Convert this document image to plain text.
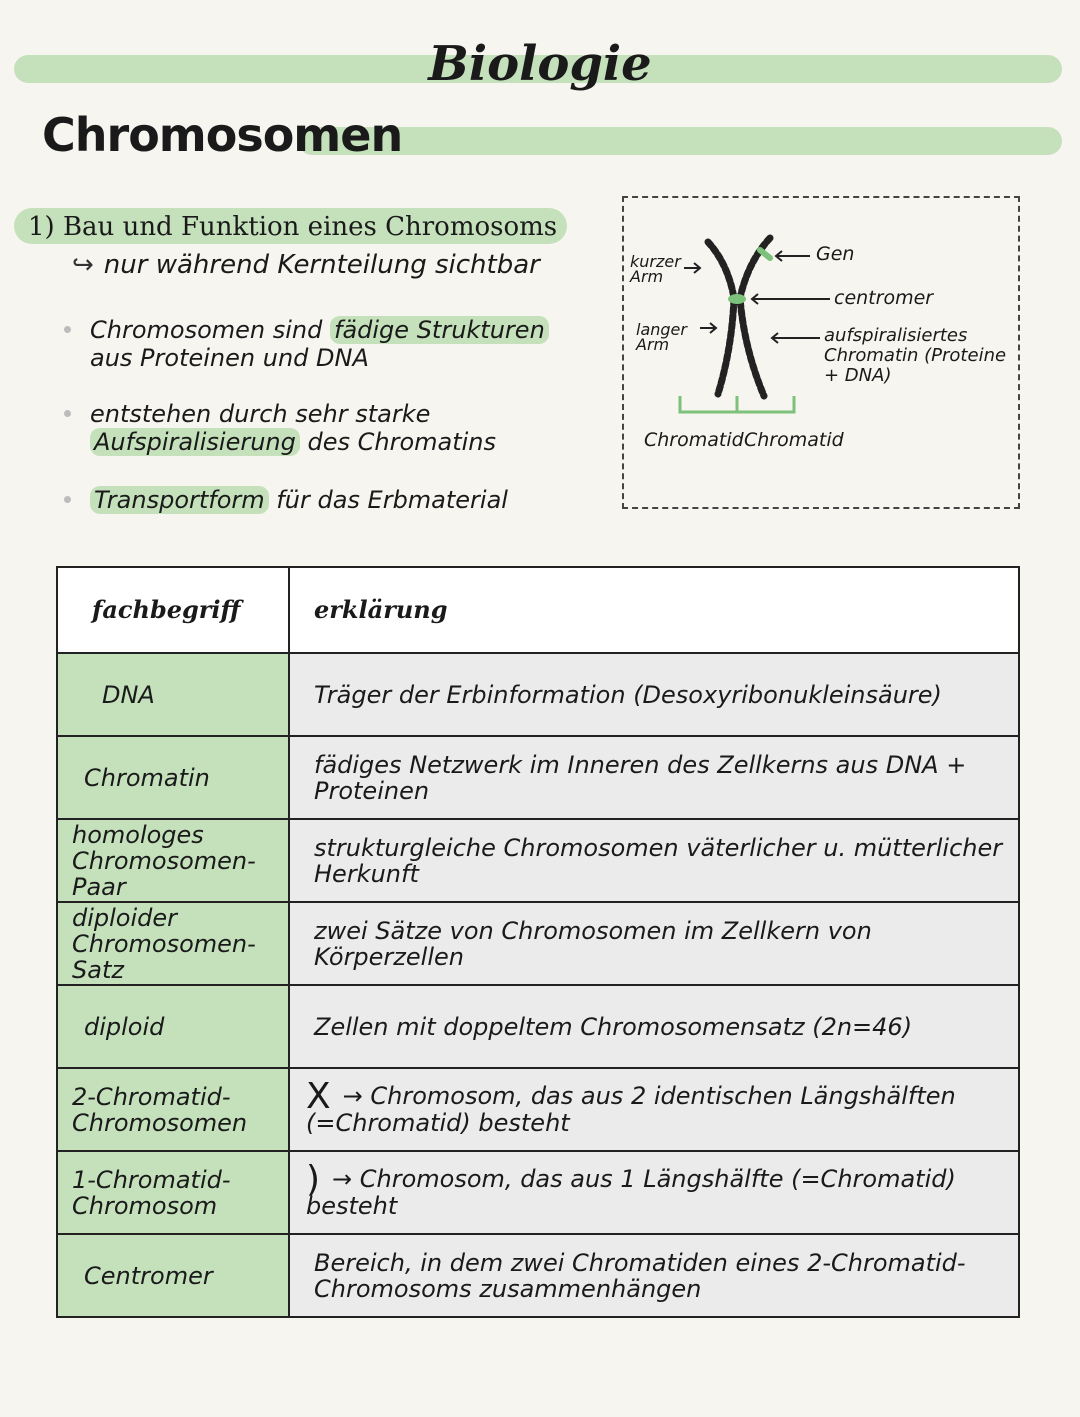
Biologie
Chromosomen
1) Bau und Funktion eines Chromosoms
↪ nur während Kernteilung sichtbar
Chromosomen sind fädige Strukturen aus Proteinen und DNA
entstehen durch sehr starke Aufspiralisierung des Chromatins
Transportform für das Erbmaterial
kurzer Arm
langer Arm
Gen
centromer
aufspiralisiertes Chromatin (Proteine + DNA)
Chromatid Chromatid
fachbegriff	erklärung
DNA	Träger der Erbinformation (Desoxyribonukleinsäure)
Chromatin	fädiges Netzwerk im Inneren des Zellkerns aus DNA + Proteinen
homologes Chromosomen-Paar	strukturgleiche Chromosomen väterlicher u. mütterlicher Herkunft
diploider Chromosomen-Satz	zwei Sätze von Chromosomen im Zellkern von Körperzellen
diploid	Zellen mit doppeltem Chromosomensatz (2n=46)
2-Chromatid-Chromosomen	X → Chromosom, das aus 2 identischen Längshälften (=Chromatid) besteht
1-Chromatid-Chromosom	) → Chromosom, das aus 1 Längshälfte (=Chromatid) besteht
Centromer	Bereich, in dem zwei Chromatiden eines 2-Chromatid-Chromosoms zusammenhängen
